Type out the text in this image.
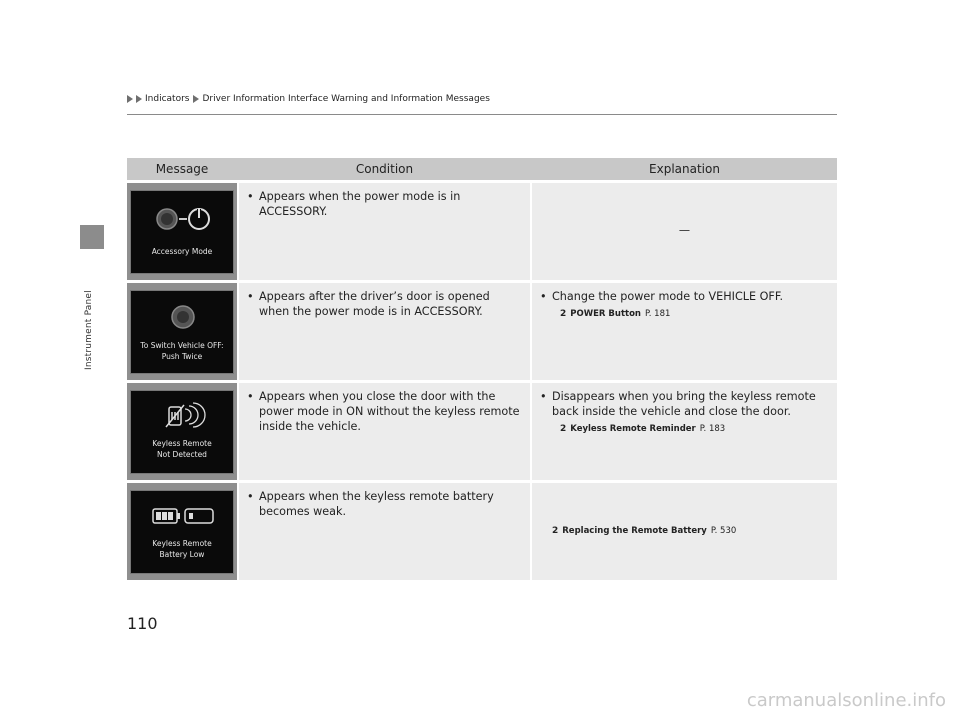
Instrument Panel
Indicators Driver Information Interface Warning and Information Messages
Message	Condition	Explanation
Accessory Mode
• Appears when the power mode is in ACCESSORY.
—
To Switch Vehicle OFF:
Push Twice
• Appears after the driver’s door is opened when the power mode is in ACCESSORY.
• Change the power mode to VEHICLE OFF.
2 POWER Button P. 181
Keyless Remote
Not Detected
• Appears when you close the door with the power mode in ON without the keyless remote inside the vehicle.
• Disappears when you bring the keyless remote back inside the vehicle and close the door.
2 Keyless Remote Reminder P. 183
Keyless Remote
Battery Low
• Appears when the keyless remote battery becomes weak.
2 Replacing the Remote Battery P. 530
110
carmanualsonline.info
